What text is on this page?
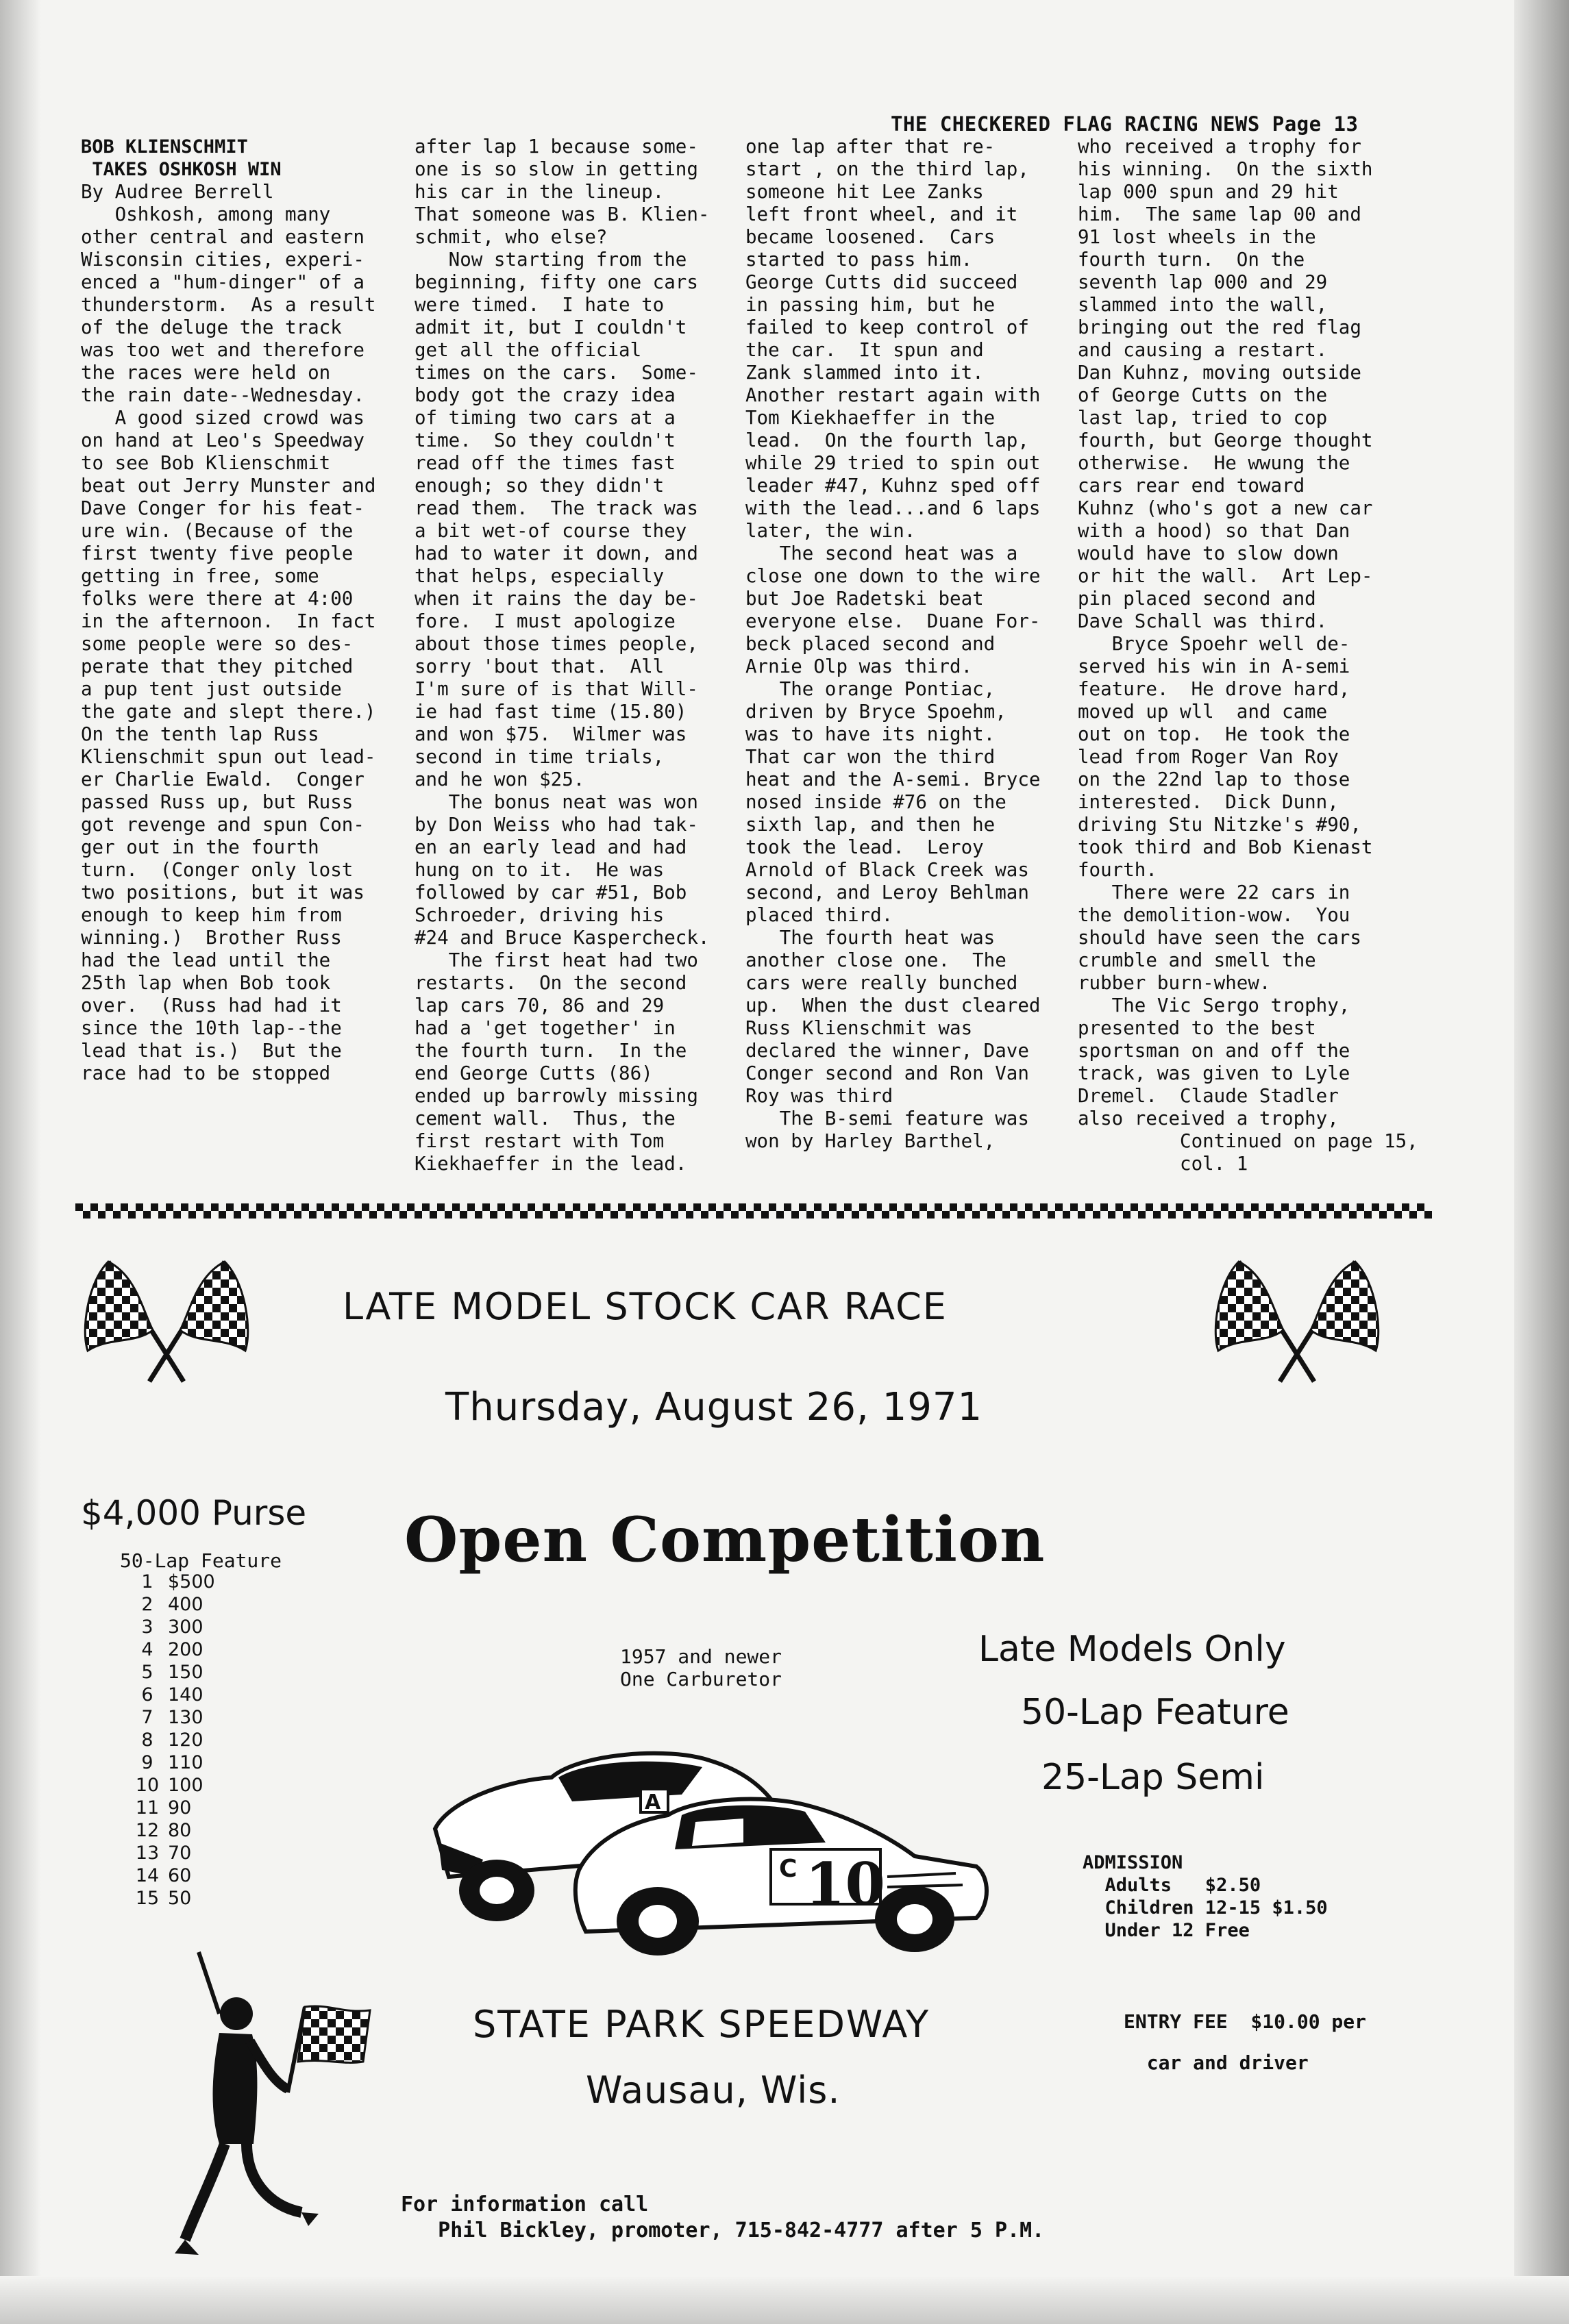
THE CHECKERED FLAG RACING NEWS Page 13

BOB KLIENSCHMIT

TAKES OSHKOSH WIN

By Audree Berrell

Oshkosh, among many

other central and eastern

Wisconsin cities, experi-

enced a "hum-dinger" of a

thunderstorm.  As a result

of the deluge the track

was too wet and therefore

the races were held on

the rain date--Wednesday.

A good sized crowd was

on hand at Leo's Speedway

to see Bob Klienschmit

beat out Jerry Munster and

Dave Conger for his feat-

ure win. (Because of the

first twenty five people

getting in free, some

folks were there at 4:00

in the afternoon.  In fact

some people were so des-

perate that they pitched

a pup tent just outside

the gate and slept there.)

On the tenth lap Russ

Klienschmit spun out lead-

er Charlie Ewald.  Conger

passed Russ up, but Russ

got revenge and spun Con-

ger out in the fourth

turn.  (Conger only lost

two positions, but it was

enough to keep him from

winning.)  Brother Russ

had the lead until the

25th lap when Bob took

over.  (Russ had had it

since the 10th lap--the

lead that is.)  But the

race had to be stopped

after lap 1 because some-

one is so slow in getting

his car in the lineup.

That someone was B. Klien-

schmit, who else?

Now starting from the

beginning, fifty one cars

were timed.  I hate to

admit it, but I couldn't

get all the official

times on the cars.  Some-

body got the crazy idea

of timing two cars at a

time.  So they couldn't

read off the times fast

enough; so they didn't

read them.  The track was

a bit wet-of course they

had to water it down, and

that helps, especially

when it rains the day be-

fore.  I must apologize

about those times people,

sorry 'bout that.  All

I'm sure of is that Will-

ie had fast time (15.80)

and won $75.  Wilmer was

second in time trials,

and he won $25.

The bonus neat was won

by Don Weiss who had tak-

en an early lead and had

hung on to it.  He was

followed by car #51, Bob

Schroeder, driving his

#24 and Bruce Kaspercheck.

The first heat had two

restarts.  On the second

lap cars 70, 86 and 29

had a 'get together' in

the fourth turn.  In the

end George Cutts (86)

ended up barrowly missing

cement wall.  Thus, the

first restart with Tom

Kiekhaeffer in the lead.

one lap after that re-

start , on the third lap,

someone hit Lee Zanks

left front wheel, and it

became loosened.  Cars

started to pass him.

George Cutts did succeed

in passing him, but he

failed to keep control of

the car.  It spun and

Zank slammed into it.

Another restart again with

Tom Kiekhaeffer in the

lead.  On the fourth lap,

while 29 tried to spin out

leader #47, Kuhnz sped off

with the lead...and 6 laps

later, the win.

The second heat was a

close one down to the wire

but Joe Radetski beat

everyone else.  Duane For-

beck placed second and

Arnie Olp was third.

The orange Pontiac,

driven by Bryce Spoehm,

was to have its night.

That car won the third

heat and the A-semi. Bryce

nosed inside #76 on the

sixth lap, and then he

took the lead.  Leroy

Arnold of Black Creek was

second, and Leroy Behlman

placed third.

The fourth heat was

another close one.  The

cars were really bunched

up.  When the dust cleared

Russ Klienschmit was

declared the winner, Dave

Conger second and Ron Van

Roy was third

The B-semi feature was

won by Harley Barthel,

who received a trophy for

his winning.  On the sixth

lap 000 spun and 29 hit

him.  The same lap 00 and

91 lost wheels in the

fourth turn.  On the

seventh lap 000 and 29

slammed into the wall,

bringing out the red flag

and causing a restart.

Dan Kuhnz, moving outside

of George Cutts on the

last lap, tried to cop

fourth, but George thought

otherwise.  He wwung the

cars rear end toward

Kuhnz (who's got a new car

with a hood) so that Dan

would have to slow down

or hit the wall.  Art Lep-

pin placed second and

Dave Schall was third.

Bryce Spoehr well de-

served his win in A-semi

feature.  He drove hard,

moved up wll  and came

out on top.  He took the

lead from Roger Van Roy

on the 22nd lap to those

interested.  Dick Dunn,

driving Stu Nitzke's #90,

took third and Bob Kienast

fourth.

There were 22 cars in

the demolition-wow.  You

should have seen the cars

crumble and smell the

rubber burn-whew.

The Vic Sergo trophy,

presented to the best

sportsman on and off the

track, was given to Lyle

Dremel.  Claude Stadler

also received a trophy,

Continued on page 15,

col. 1

LATE MODEL STOCK CAR RACE
Thursday, August 26, 1971
$4,000 Purse Open Competition
50-Lap Feature
1 $500
2 400
3 300
4 200
5 150
6 140
7 130
8 120
9 110
10 100
11 90
12 80
13 70
14 60
15 50
1957 and newer
One Carburetor
Late Models Only
50-Lap Feature
25-Lap Semi
A
C 10	ADMISSION
Adults   $2.50
Children 12-15 $1.50
Under 12 Free
ENTRY FEE  $10.00 per
car and driver
STATE PARK SPEEDWAY
Wausau, Wis.
For information call
Phil Bickley, promoter, 715-842-4777 after 5 P.M.
